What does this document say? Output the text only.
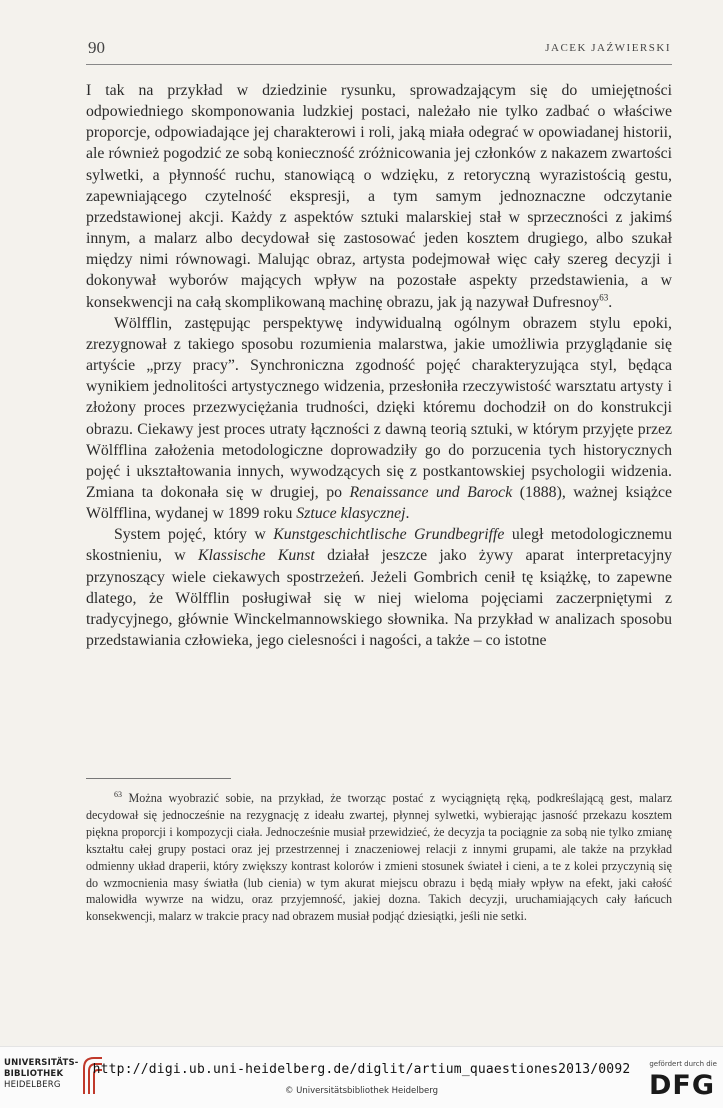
90	JACEK JAŹWIERSKI

I tak na przykład w dziedzinie rysunku, sprowadzającym się do umiejętności odpowiedniego skomponowania ludzkiej postaci, należało nie tylko zadbać o właściwe proporcje, odpowiadające jej charakterowi i roli, jaką miała odegrać w opowiadanej historii, ale również pogodzić ze sobą konieczność zróżnicowania jej członków z nakazem zwartości sylwetki, a płynność ruchu, stanowiącą o wdzięku, z retoryczną wyrazistością gestu, zapewniającego czytelność ekspresji, a tym samym jednoznaczne odczytanie przedstawionej akcji. Każdy z aspektów sztuki malarskiej stał w sprzeczności z jakimś innym, a malarz albo decydował się zastosować jeden kosztem drugiego, albo szukał między nimi równowagi. Malując obraz, artysta podejmował więc cały szereg decyzji i dokonywał wyborów mających wpływ na pozostałe aspekty przedstawienia, a w konsekwencji na całą skomplikowaną machinę obrazu, jak ją nazywał Dufresnoy$^{63}$.

Wölfflin, zastępując perspektywę indywidualną ogólnym obrazem stylu epoki, zrezygnował z takiego sposobu rozumienia malarstwa, jakie umożliwia przyglądanie się artyście „przy pracy”. Synchroniczna zgodność pojęć charakteryzująca styl, będąca wynikiem jednolitości artystycznego widzenia, przesłoniła rzeczywistość warsztatu artysty i złożony proces przezwyciężania trudności, dzięki któremu dochodził on do konstrukcji obrazu. Ciekawy jest proces utraty łączności z dawną teorią sztuki, w którym przyjęte przez Wölfflina założenia metodologiczne doprowadziły go do porzucenia tych historycznych pojęć i ukształtowania innych, wywodzących się z postkantowskiej psychologii widzenia. Zmiana ta dokonała się w drugiej, po Renaissance und Barock (1888), ważnej książce Wölfflina, wydanej w 1899 roku Sztuce klasycznej.

System pojęć, który w Kunstgeschichtlische Grundbegriffe uległ metodologicznemu skostnieniu, w Klassische Kunst działał jeszcze jako żywy aparat interpretacyjny przynoszący wiele ciekawych spostrzeżeń. Jeżeli Gombrich cenił tę książkę, to zapewne dlatego, że Wölfflin posługiwał się w niej wieloma pojęciami zaczerpniętymi z tradycyjnego, głównie Winckelmannowskiego słownika. Na przykład w analizach sposobu przedstawiania człowieka, jego cielesności i nagości, a także – co istotne

$^{63}$ Można wyobrazić sobie, na przykład, że tworząc postać z wyciągniętą ręką, podkreślającą gest, malarz decydował się jednocześnie na rezygnację z ideału zwartej, płynnej sylwetki, wybierając jasność przekazu kosztem piękna proporcji i kompozycji ciała. Jednocześnie musiał przewidzieć, że decyzja ta pociągnie za sobą nie tylko zmianę kształtu całej grupy postaci oraz jej przestrzennej i znaczeniowej relacji z innymi grupami, ale także na przykład odmienny układ draperii, który zwiększy kontrast kolorów i zmieni stosunek świateł i cieni, a te z kolei przyczynią się do wzmocnienia masy światła (lub cienia) w tym akurat miejscu obrazu i będą miały wpływ na efekt, jaki całość malowidła wywrze na widzu, oraz przyjemność, jakiej dozna. Takich decyzji, uruchamiających cały łańcuch konsekwencji, malarz w trakcie pracy nad obrazem musiał podjąć dziesiątki, jeśli nie setki.
UNIVERSITÄTS-
BIBLIOTHEK
HEIDELBERG
http://digi.ub.uni-heidelberg.de/diglit/artium_quaestiones2013/0092
© Universitätsbibliothek Heidelberg
gefördert durch die
DFG
